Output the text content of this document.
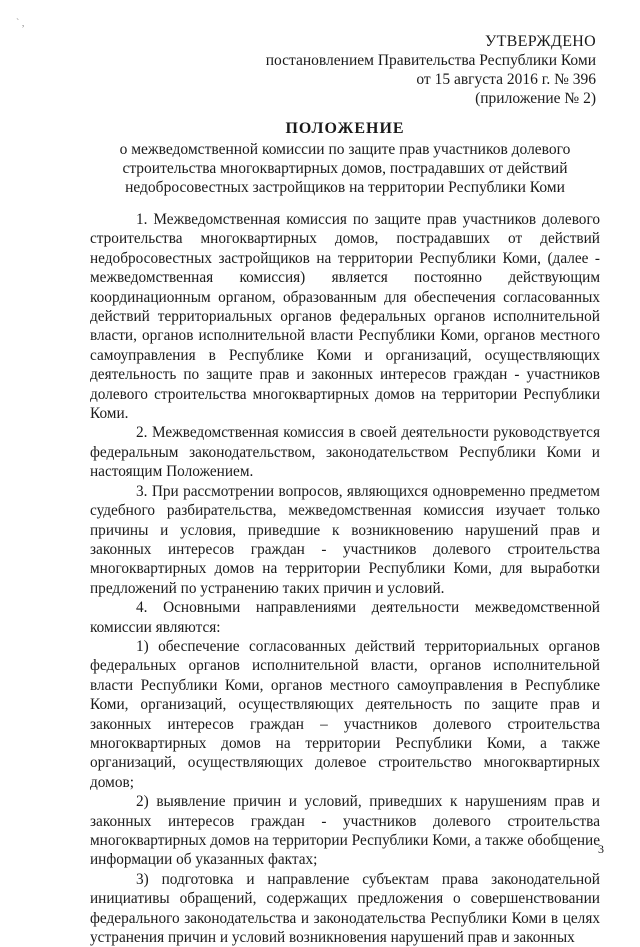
` ,
УТВЕРЖДЕНО
постановлением Правительства Республики Коми
от 15 августа 2016 г. № 396
(приложение № 2)
ПОЛОЖЕНИЕ
о межведомственной комиссии по защите прав участников долевого
строительства многоквартирных домов, пострадавших от действий
недобросовестных застройщиков на территории Республики Коми

1. Межведомственная комиссия по защите прав участников долевого строительства многоквартирных домов, пострадавших от действий недобросовестных застройщиков на территории Республики Коми, (далее - межведомственная комиссия) является постоянно действующим координационным органом, образованным для обеспечения согласованных действий территориальных органов федеральных органов исполнительной власти, органов исполнительной власти Республики Коми, органов местного самоуправления в Республике Коми и организаций, осуществляющих деятельность по защите прав и законных интересов граждан - участников долевого строительства многоквартирных домов на территории Республики Коми.

2. Межведомственная комиссия в своей деятельности руководствуется федеральным законодательством, законодательством Республики Коми и настоящим Положением.

3. При рассмотрении вопросов, являющихся одновременно предметом судебного разбирательства, межведомственная комиссия изучает только причины и условия, приведшие к возникновению нарушений прав и законных интересов граждан - участников долевого строительства многоквартирных домов на территории Республики Коми, для выработки предложений по устранению таких причин и условий.

4. Основными направлениями деятельности межведомственной комиссии являются:

1) обеспечение согласованных действий территориальных органов федеральных органов исполнительной власти, органов исполнительной власти Республики Коми, органов местного самоуправления в Республике Коми, организаций, осуществляющих деятельность по защите прав и законных интересов граждан – участников долевого строительства многоквартирных домов на территории Республики Коми, а также организаций, осуществляющих долевое строительство многоквартирных домов;

2) выявление причин и условий, приведших к нарушениям прав и законных интересов граждан - участников долевого строительства многоквартирных домов на территории Республики Коми, а также обобщение информации об указанных фактах;

3) подготовка и направление субъектам права законодательной инициативы обращений, содержащих предложения о совершенствовании федерального законодательства и законодательства Республики Коми в целях устранения причин и условий возникновения нарушений прав и законных

3
